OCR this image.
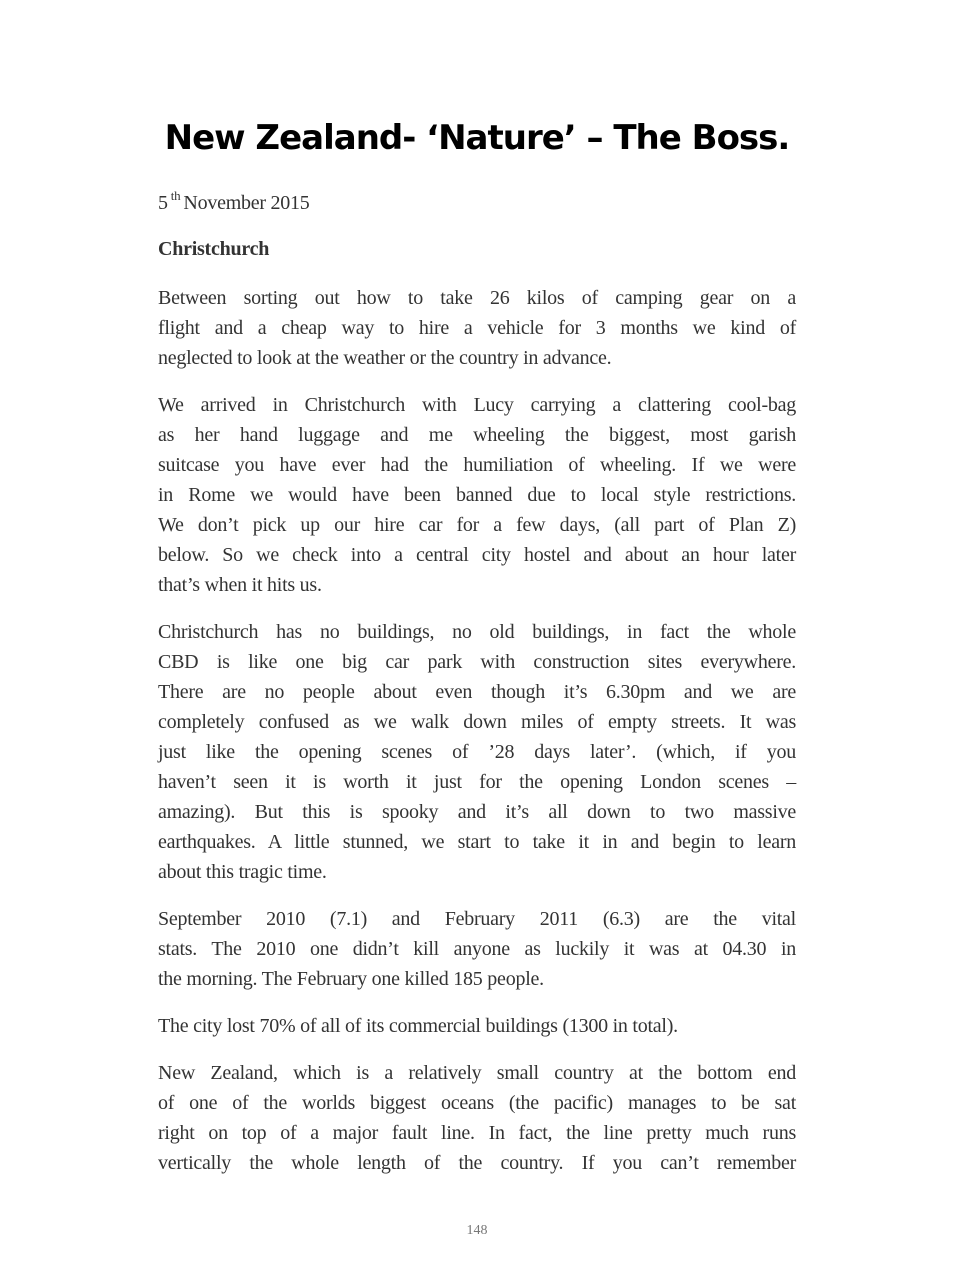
New Zealand- ‘Nature’ – The Boss.
5 $^{th}$ November 2015
Christchurch

Between sorting out how to take 26 kilos of camping gear on a
flight and a cheap way to hire a vehicle for 3 months we kind of
neglected to look at the weather or the country in advance.

We arrived in Christchurch with Lucy carrying a clattering cool-bag
as her hand luggage and me wheeling the biggest, most garish
suitcase you have ever had the humiliation of wheeling. If we were
in Rome we would have been banned due to local style restrictions.
We don’t pick up our hire car for a few days, (all part of Plan Z)
below. So we check into a central city hostel and about an hour later
that’s when it hits us.

Christchurch has no buildings, no old buildings, in fact the whole
CBD is like one big car park with construction sites everywhere.
There are no people about even though it’s 6.30pm and we are
completely confused as we walk down miles of empty streets. It was
just like the opening scenes of ’28 days later’. (which, if you
haven’t seen it is worth it just for the opening London scenes –
amazing). But this is spooky and it’s all down to two massive
earthquakes. A little stunned, we start to take it in and begin to learn
about this tragic time.

September 2010 (7.1) and February 2011 (6.3) are the vital
stats. The 2010 one didn’t kill anyone as luckily it was at 04.30 in
the morning. The February one killed 185 people.

The city lost 70% of all of its commercial buildings (1300 in total).

New Zealand, which is a relatively small country at the bottom end
of one of the worlds biggest oceans (the pacific) manages to be sat
right on top of a major fault line. In fact, the line pretty much runs
vertically the whole length of the country. If you can’t remember

148
